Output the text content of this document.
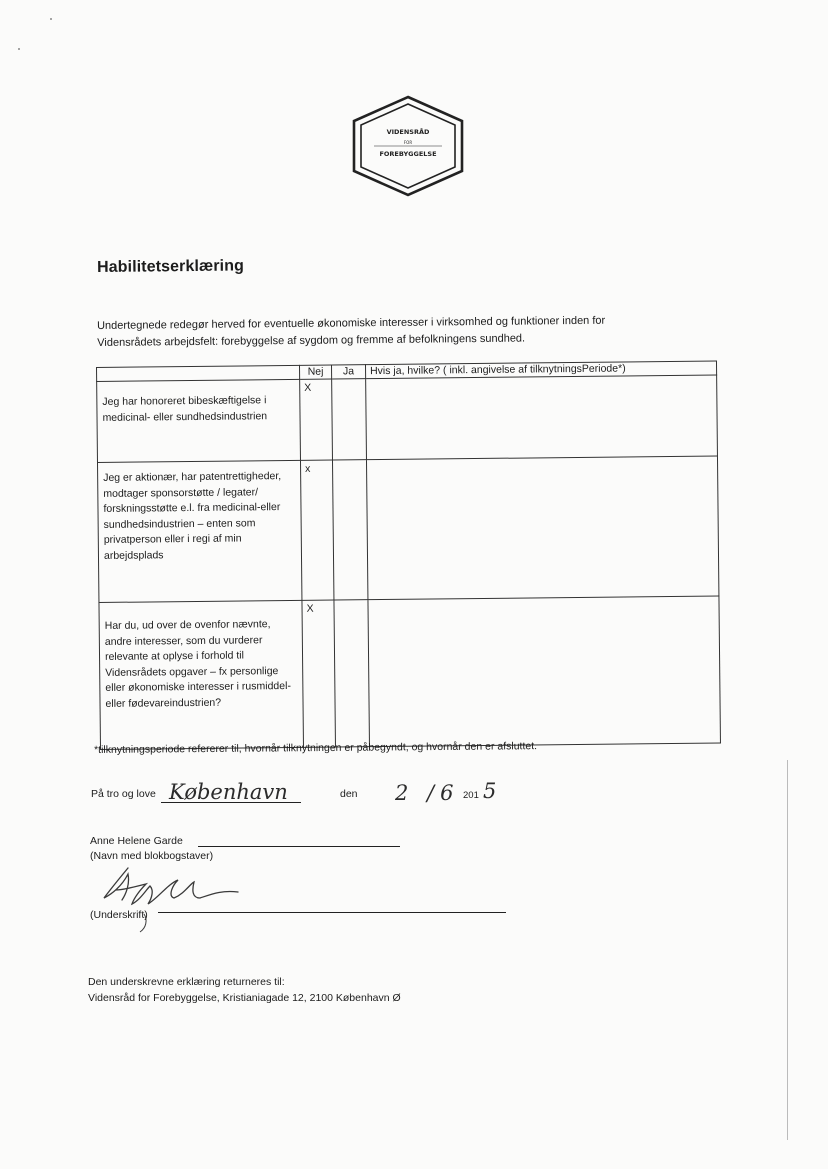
VIDENSRÅD
FOR
FOREBYGGELSE
Habilitetserklæring

Undertegnede redegør herved for eventuelle økonomiske interesser i virksomhed og funktioner inden for

Vidensrådets arbejdsfelt: forebyggelse af sygdom og fremme af befolkningens sundhed.

	Nej	Ja	Hvis ja, hvilke? ( inkl. angivelse af tilknytningsPeriode*)

Jeg har honoreret bibeskæftigelse i medicinal- eller sundhedsindustrien	X		

Jeg er aktionær, har patentrettigheder, modtager sponsorstøtte / legater/ forskningsstøtte e.l. fra medicinal-eller sundhedsindustrien – enten som privatperson eller i regi af min arbejdsplads	x		

Har du, ud over de ovenfor nævnte, andre interesser, som du vurderer relevante at oplyse i forhold til Vidensrådets opgaver – fx personlige eller økonomiske interesser i rusmiddel- eller fødevareindustrien?	X		

*tilknytningsperiode refererer til, hvornår tilknytningen er påbegyndt, og hvornår den er afsluttet.
På tro og love København	den 2 /6 201 5
Anne Helene Garde
(Navn med blokbogstaver)
(Underskrift)

Den underskrevne erklæring returneres til:

Vidensråd for Forebyggelse, Kristianiagade 12, 2100 København Ø
